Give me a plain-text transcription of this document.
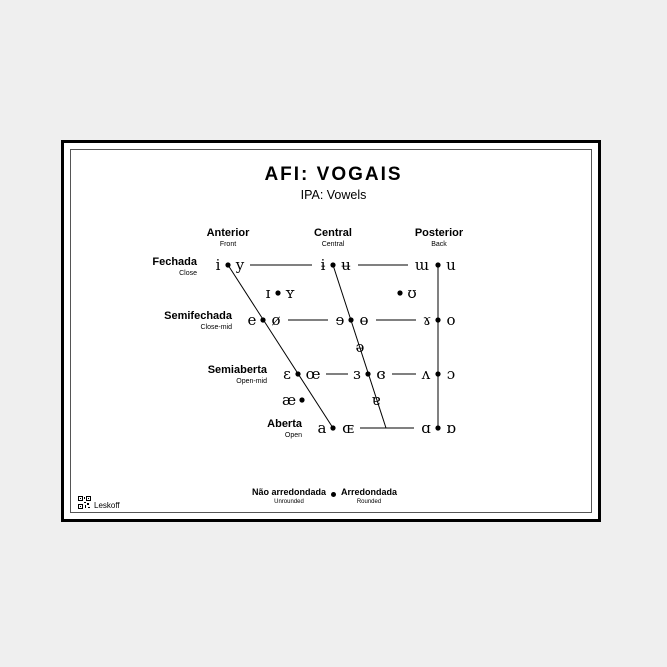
AFI: VOGAIS
IPA: Vowels
Anterior
Front
Central
Central
Posterior
Back
Fechada
Close
Semifechada
Close-mid
Semiaberta
Open-mid
Aberta
Open
i y	ɨ ʉ	ɯ u
ɪ ʏ	ʊ
e ø	ɘ ɵ	ɤ o
ə
ɛ œ ɜ ɞ ʌ ɔ
æ	ɐ
a ɶ	ɑ ɒ
Não arredondada
Unrounded
Arredondada
Rounded
Leskoff
